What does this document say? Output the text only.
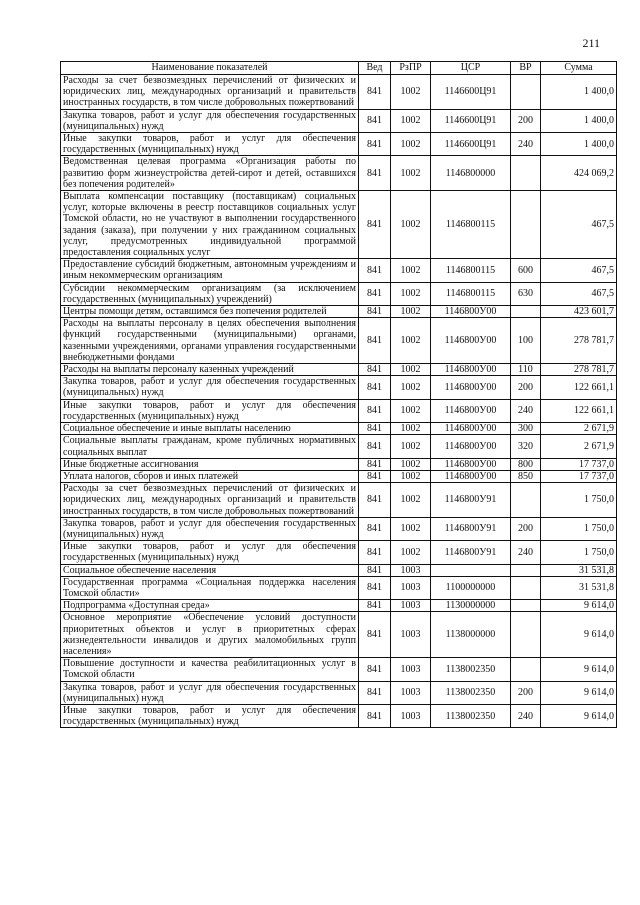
211
Наименование показателей	Вед	РзПР	ЦСР	ВР	Сумма
Расходы за счет безвозмездных перечислений от физических и юридических лиц, международных организаций и правительств иностранных государств, в том числе добровольных пожертвований	841	1002	1146600Ц91		1 400,0
Закупка товаров, работ и услуг для обеспечения государственных (муниципальных) нужд	841	1002	1146600Ц91	200	1 400,0
Иные закупки товаров, работ и услуг для обеспечения государственных (муниципальных) нужд	841	1002	1146600Ц91	240	1 400,0
Ведомственная целевая программа «Организация работы по развитию форм жизнеустройства детей-сирот и детей, оставшихся без попечения родителей»	841	1002	1146800000		424 069,2
Выплата компенсации поставщику (поставщикам) социальных услуг, которые включены в реестр поставщиков социальных услуг Томской области, но не участвуют в выполнении государственного задания (заказа), при получении у них гражданином социальных услуг, предусмотренных индивидуальной программой предоставления социальных услуг	841	1002	1146800115		467,5
Предоставление субсидий бюджетным, автономным учреждениям и иным некоммерческим организациям	841	1002	1146800115	600	467,5
Субсидии некоммерческим организациям (за исключением государственных (муниципальных) учреждений)	841	1002	1146800115	630	467,5
Центры помощи детям, оставшимся без попечения родителей	841	1002	1146800У00		423 601,7
Расходы на выплаты персоналу в целях обеспечения выполнения функций государственными (муниципальными) органами, казенными учреждениями, органами управления государственными внебюджетными фондами	841	1002	1146800У00	100	278 781,7
Расходы на выплаты персоналу казенных учреждений	841	1002	1146800У00	110	278 781,7
Закупка товаров, работ и услуг для обеспечения государственных (муниципальных) нужд	841	1002	1146800У00	200	122 661,1
Иные закупки товаров, работ и услуг для обеспечения государственных (муниципальных) нужд	841	1002	1146800У00	240	122 661,1
Социальное обеспечение и иные выплаты населению	841	1002	1146800У00	300	2 671,9
Социальные выплаты гражданам, кроме публичных нормативных социальных выплат	841	1002	1146800У00	320	2 671,9
Иные бюджетные ассигнования	841	1002	1146800У00	800	17 737,0
Уплата налогов, сборов и иных платежей	841	1002	1146800У00	850	17 737,0
Расходы за счет безвозмездных перечислений от физических и юридических лиц, международных организаций и правительств иностранных государств, в том числе добровольных пожертвований	841	1002	1146800У91		1 750,0
Закупка товаров, работ и услуг для обеспечения государственных (муниципальных) нужд	841	1002	1146800У91	200	1 750,0
Иные закупки товаров, работ и услуг для обеспечения государственных (муниципальных) нужд	841	1002	1146800У91	240	1 750,0
Социальное обеспечение населения	841	1003			31 531,8
Государственная программа «Социальная поддержка населения Томской области»	841	1003	1100000000		31 531,8
Подпрограмма «Доступная среда»	841	1003	1130000000		9 614,0
Основное мероприятие «Обеспечение условий доступности приоритетных объектов и услуг в приоритетных сферах жизнедеятельности инвалидов и других маломобильных групп населения»	841	1003	1138000000		9 614,0
Повышение доступности и качества реабилитационных услуг в Томской области	841	1003	1138002350		9 614,0
Закупка товаров, работ и услуг для обеспечения государственных (муниципальных) нужд	841	1003	1138002350	200	9 614,0
Иные закупки товаров, работ и услуг для обеспечения государственных (муниципальных) нужд	841	1003	1138002350	240	9 614,0
